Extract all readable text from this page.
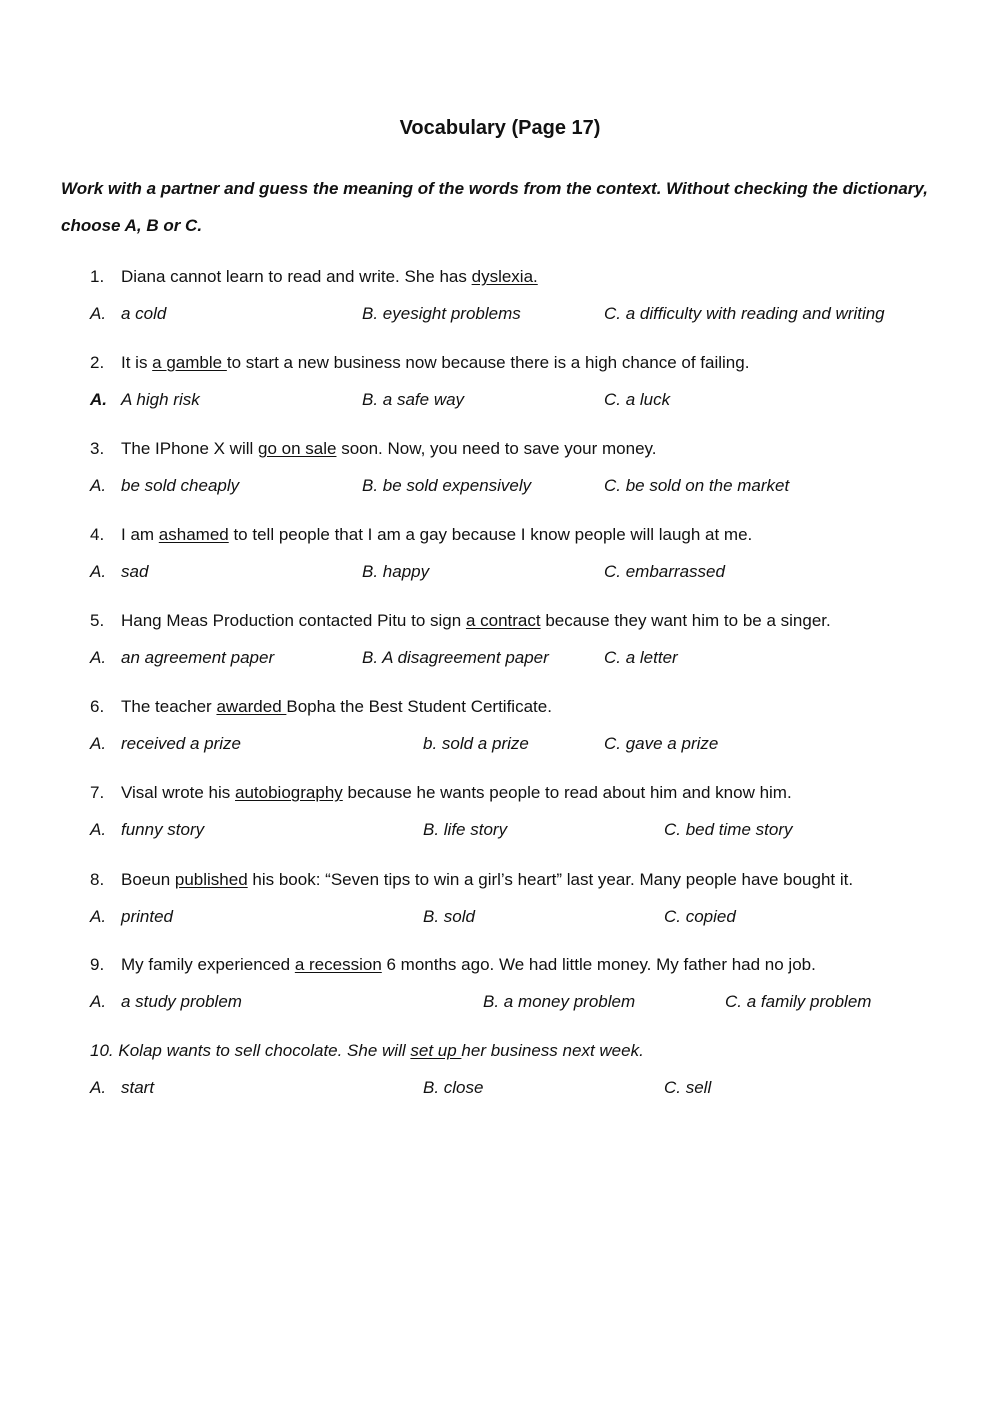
Vocabulary (Page 17)
Work with a partner and guess the meaning of the words from the context. Without checking the dictionary, choose A, B or C.
1. Diana cannot learn to read and write. She has dyslexia.
A. a cold	B. eyesight problems	C. a difficulty with reading and writing
2. It is a gamble to start a new business now because there is a high chance of failing.
A. A high risk	B. a safe way	C. a luck
3. The IPhone X will go on sale soon. Now, you need to save your money.
A. be sold cheaply	B. be sold expensively	C. be sold on the market
4. I am ashamed to tell people that I am a gay because I know people will laugh at me.
A. sad	B. happy	C. embarrassed
5. Hang Meas Production contacted Pitu to sign a contract because they want him to be a singer.
A. an agreement paper	B. A disagreement paper	C. a letter
6. The teacher awarded Bopha the Best Student Certificate.
A. received a prize	b. sold a prize	C. gave a prize
7. Visal wrote his autobiography because he wants people to read about him and know him.
A. funny story	B. life story	C. bed time story
8. Boeun published his book: “Seven tips to win a girl’s heart” last year. Many people have bought it.
A. printed	B. sold	C. copied
9. My family experienced a recession 6 months ago. We had little money. My father had no job.
A. a study problem	B. a money problem	C. a family problem
10. Kolap wants to sell chocolate. She will set up her business next week.
A. start	B. close	C. sell
